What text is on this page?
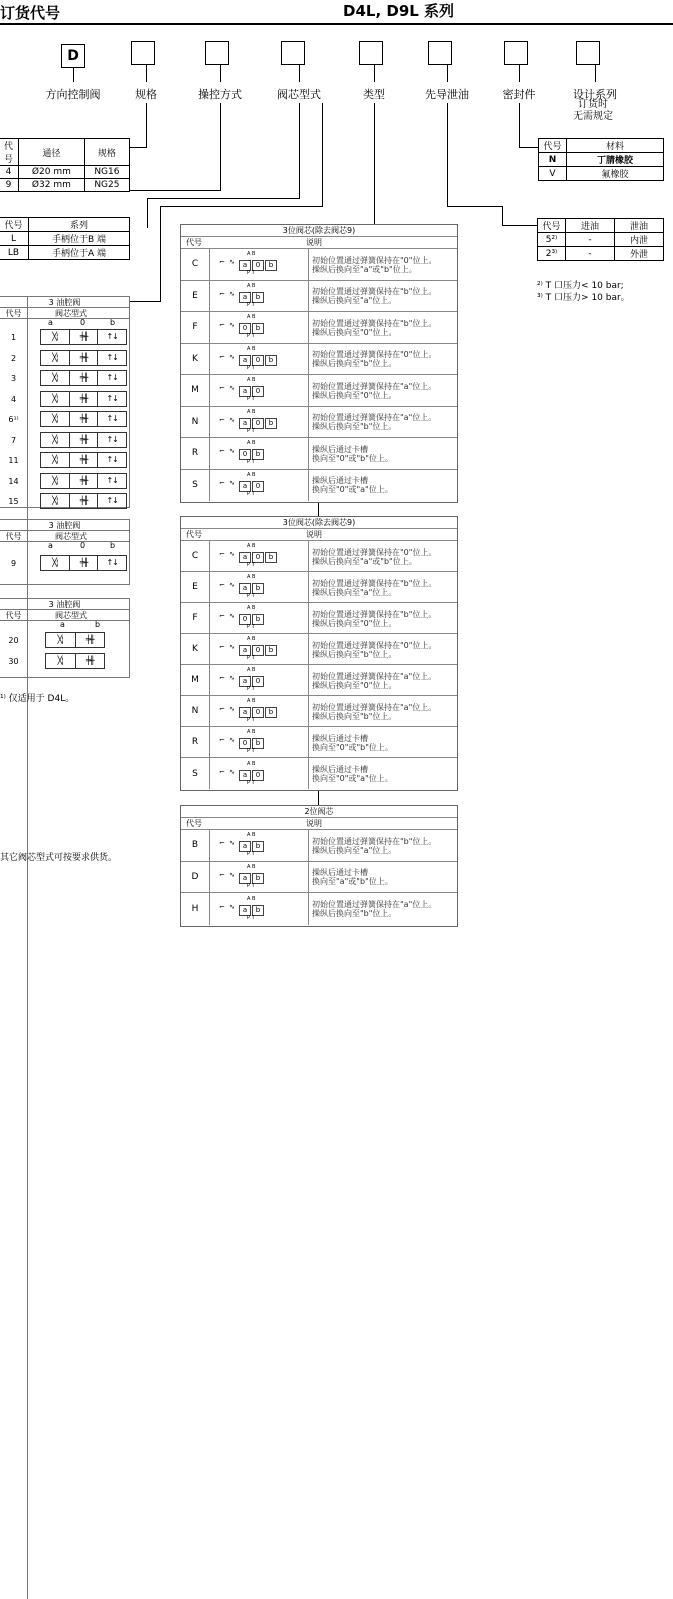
订货代号	D4L, D9L 系列
D
方向控制阀	规格	操控方式	阀芯型式	类型	先导泄油	密封件	设计系列
订货时
无需规定
代号	通径	规格
4	Ø20 mm	NG16
9	Ø32 mm	NG25
代号	系列
L	手柄位于B 端
LB	手柄位于A 端
代号	材料
N	丁腈橡胶
V	氟橡胶
代号	进油	泄油
5²⁾	-	内泄
2³⁾	-	外泄
²⁾ T 口压力< 10 bar;
³⁾ T 口压力> 10 bar。
3 油腔阀
代号	阀芯型式
a	0	b
1	╳¦	╪╫	↑↓
2	╳¦	╪╫	↑↓
3	╳¦	╪╫	↑↓
4	╳¦	╪╫	↑↓
6¹⁾	╳¦	╪╫	↑↓
7	╳¦	╪╫	↑↓
11	╳¦	╪╫	↑↓
14	╳¦	╪╫	↑↓
15	╳¦	╪╫	↑↓
3 油腔阀
代号	阀芯型式
a	0	b
9	╳¦	╪╫	↑↓
3 油腔阀
代号	阀芯型式
a	b
20	╳¦	╪╫
30	╳¦	╪╫
¹⁾ 仅适用于 D4L。
其它阀芯型式可按要求供货。
3位阀芯(除去阀芯9)
代号	说明
C	⌐ ∿	a	0	b
A B
P T
初始位置通过弹簧保持在"0"位上。
操纵后换向至"a"或"b"位上。
E	⌐ ∿	a	b
A B
P T
初始位置通过弹簧保持在"b"位上。
操纵后换向至"a"位上。
F	⌐ ∿	0	b
A B
P T
初始位置通过弹簧保持在"b"位上。
操纵后换向至"0"位上。
K	⌐ ∿	a	0	b
A B
P T
初始位置通过弹簧保持在"0"位上。
操纵后换向至"b"位上。
M	⌐ ∿	a	0
A B
P T
初始位置通过弹簧保持在"a"位上。
操纵后换向至"0"位上。
N	⌐ ∿	a	0	b
A B
P T
初始位置通过弹簧保持在"a"位上。
操纵后换向至"b"位上。
R	⌐ ∿	0	b
A B
P T
操纵后通过卡槽
换向至"0"或"b"位上。
S	⌐ ∿	a	0
A B
P T
操纵后通过卡槽
换向至"0"或"a"位上。
3位阀芯(除去阀芯9)
代号	说明
C	⌐ ∿	a	0	b
A B
P T
初始位置通过弹簧保持在"0"位上。
操纵后换向至"a"或"b"位上。
E	⌐ ∿	a	b
A B
P T
初始位置通过弹簧保持在"b"位上。
操纵后换向至"a"位上。
F	⌐ ∿	0	b
A B
P T
初始位置通过弹簧保持在"b"位上。
操纵后换向至"0"位上。
K	⌐ ∿	a	0	b
A B
P T
初始位置通过弹簧保持在"0"位上。
操纵后换向至"b"位上。
M	⌐ ∿	a	0
A B
P T
初始位置通过弹簧保持在"a"位上。
操纵后换向至"0"位上。
N	⌐ ∿	a	0	b
A B
P T
初始位置通过弹簧保持在"a"位上。
操纵后换向至"b"位上。
R	⌐ ∿	0	b
A B
P T
操纵后通过卡槽
换向至"0"或"b"位上。
S	⌐ ∿	a	0
A B
P T
操纵后通过卡槽
换向至"0"或"a"位上。
2位阀芯
代号	说明
B	⌐ ∿	a	b
A B
P T
初始位置通过弹簧保持在"b"位上。
操纵后换向至"a"位上。
D	⌐ ∿	a	b
A B
P T
操纵后通过卡槽
换向至"a"或"b"位上。
H	⌐ ∿	a	b
A B
P T
初始位置通过弹簧保持在"a"位上。
操纵后换向至"b"位上。
